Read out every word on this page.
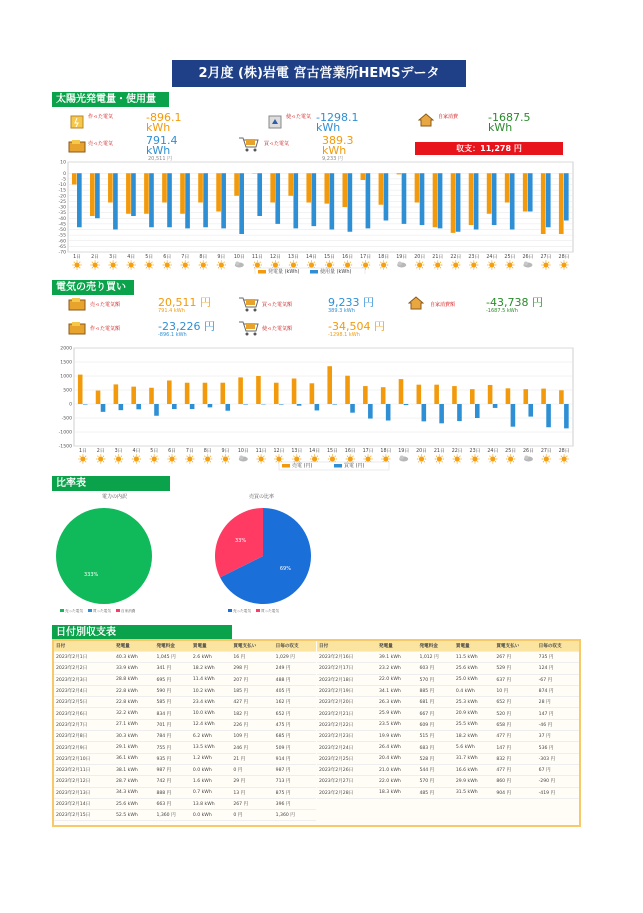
2月度 (株)岩電 宮古営業所HEMSデータ
太陽光発電量・使用量
作った電気	-896.1
kWh
使った電気 -1298.1
kWh
自家消費	-1687.5
kWh
売った電気	791.4
kWh
20,511 円
買った電気	389.3
kWh
9,233 円
収支：11,278 円
10
0
-5
-10
-15
-20
-25
-30
-35
-40
-45
-50
-55
-60
-65
-70
1日 2日 3日 4日 5日 6日 7日 8日 9日 10日 11日 12日 13日 14日 15日 16日 17日 18日 19日 20日 21日 22日 23日 24日 25日 26日 27日 28日
発電量 (kWh)	使用量 (kWh)
電気の売り買い
売った電気額	20,511 円
791.4 kWh
買った電気額	9,233 円
389.3 kWh
自家消費額	-43,738 円
-1687.5 kWh
作った電気額	-23,226 円
-896.1 kWh
使った電気額	-34,504 円
-1298.1 kWh
2000
1500
1000
500
0
-500
-1000
-1500
1日 2日 3日 4日 5日 6日 7日 8日 9日 10日 11日 12日 13日 14日 15日 16日 17日 18日 19日 20日 21日 22日 23日 24日 25日 26日 27日 28日
売電 (円)	買電 (円)
比率表
電力の内訳	売買の比率
333%
69%
33%
売った電気	買った電気	自家消費	売った電気	買った電気
日付別収支表
日付	発電量	発電料金	買電量	買電支払い	日毎の収支
2023年2月1日	40.3 kWh	1,045 円	2.6 kWh	16 円	1,029 円
2023年2月2日	33.9 kWh	341 円	18.2 kWh	298 円	249 円
2023年2月3日	28.8 kWh	695 円	11.4 kWh	207 円	488 円
2023年2月4日	22.8 kWh	590 円	10.2 kWh	185 円	405 円
2023年2月5日	22.8 kWh	585 円	23.4 kWh	427 円	162 円
2023年2月6日	32.2 kWh	834 円	10.0 kWh	182 円	652 円
2023年2月7日	27.1 kWh	701 円	12.4 kWh	226 円	475 円
2023年2月8日	30.3 kWh	784 円	6.2 kWh	109 円	685 円
2023年2月9日	29.1 kWh	755 円	13.5 kWh	246 円	509 円
2023年2月10日	36.1 kWh	935 円	1.2 kWh	21 円	914 円
2023年2月11日	38.1 kWh	987 円	0.0 kWh	0 円	987 円
2023年2月12日	28.7 kWh	742 円	1.6 kWh	29 円	713 円
2023年2月13日	34.3 kWh	888 円	0.7 kWh	13 円	875 円
2023年2月14日	25.6 kWh	663 円	13.8 kWh	267 円	396 円
2023年2月15日	52.5 kWh	1,360 円	0.0 kWh	0 円	1,360 円
日付	発電量	発電料金	買電量	買電支払い	日毎の収支
2023年2月16日	39.1 kWh	1,012 円	11.5 kWh	267 円	735 円
2023年2月17日	23.2 kWh	603 円	25.6 kWh	529 円	124 円
2023年2月18日	22.0 kWh	570 円	25.0 kWh	637 円	-67 円
2023年2月19日	34.1 kWh	885 円	0.4 kWh	10 円	874 円
2023年2月20日	26.3 kWh	681 円	25.3 kWh	652 円	28 円
2023年2月21日	25.9 kWh	667 円	20.9 kWh	520 円	147 円
2023年2月22日	23.5 kWh	609 円	25.5 kWh	658 円	-46 円
2023年2月23日	19.9 kWh	515 円	18.2 kWh	477 円	37 円
2023年2月24日	26.4 kWh	683 円	5.6 kWh	147 円	536 円
2023年2月25日	20.4 kWh	528 円	31.7 kWh	832 円	-303 円
2023年2月26日	21.0 kWh	544 円	16.6 kWh	477 円	67 円
2023年2月27日	22.0 kWh	570 円	29.9 kWh	860 円	-290 円
2023年2月28日	18.3 kWh	485 円	31.5 kWh	904 円	-419 円
